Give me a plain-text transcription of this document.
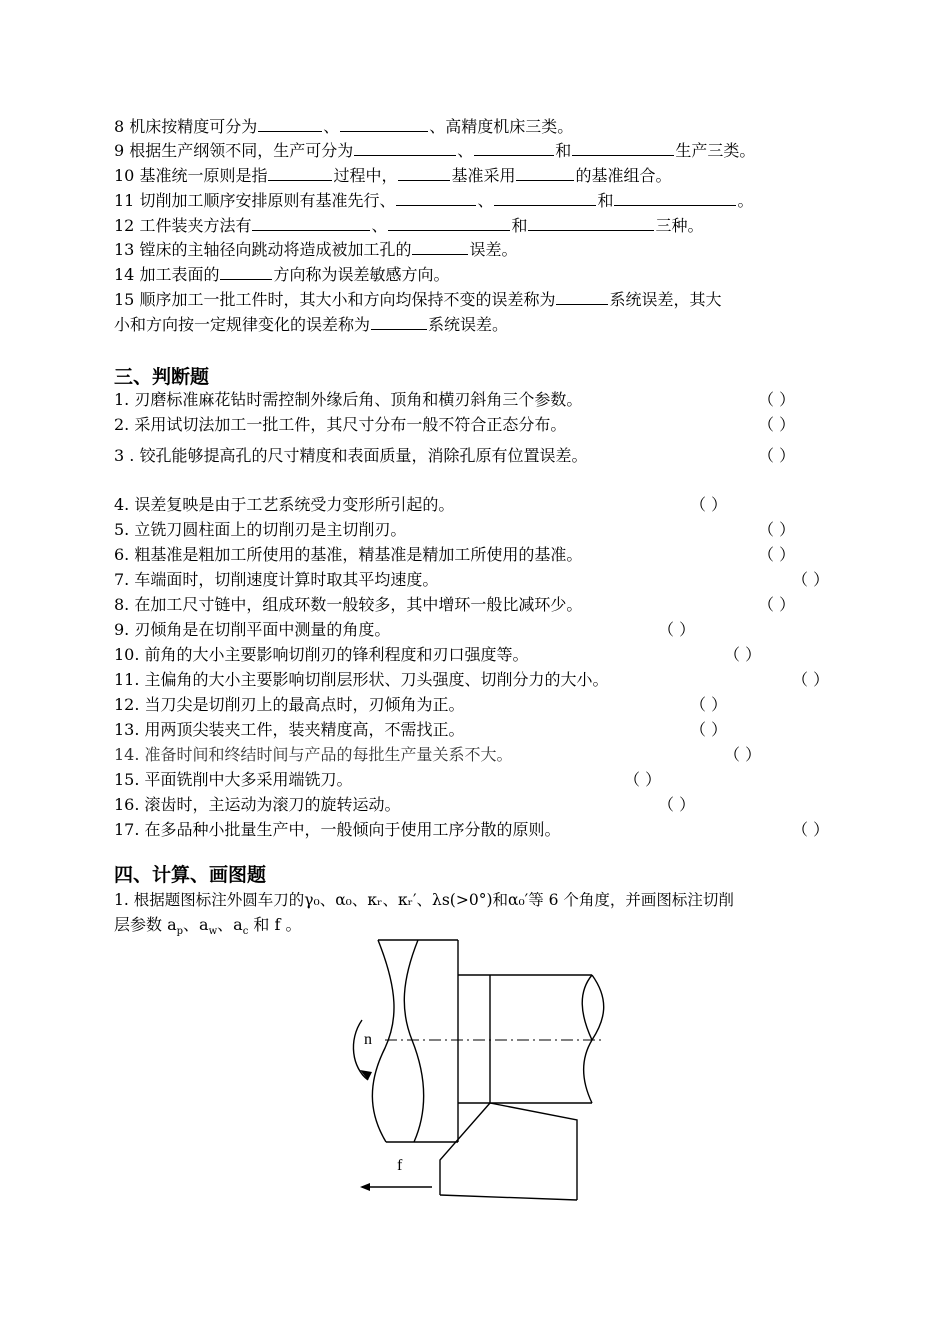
8 机床按精度可分为	、	、高精度机床三类。
9 根据生产纲领不同，生产可分为	、	和	生产三类。
10 基准统一原则是指	过程中，	基准采用	的基准组合。
11 切削加工顺序安排原则有基准先行、	、	和	。
12 工件装夹方法有	、	和	三种。
13 镗床的主轴径向跳动将造成被加工孔的	误差。
14 加工表面的	方向称为误差敏感方向。
15 顺序加工一批工件时，其大小和方向均保持不变的误差称为	系统误差，其大
小和方向按一定规律变化的误差称为	系统误差。
三、判断题
1. 刃磨标准麻花钻时需控制外缘后角、顶角和横刃斜角三个参数。	（ ）
2. 采用试切法加工一批工件，其尺寸分布一般不符合正态分布。	（ ）
3 . 铰孔能够提高孔的尺寸精度和表面质量，消除孔原有位置误差。	（ ）
4. 误差复映是由于工艺系统受力变形所引起的。	（ ）
5. 立铣刀圆柱面上的切削刃是主切削刃。	（ ）
6. 粗基准是粗加工所使用的基准，精基准是精加工所使用的基准。	（ ）
7. 车端面时，切削速度计算时取其平均速度。	（ ）
8. 在加工尺寸链中，组成环数一般较多，其中增环一般比减环少。	（ ）
9. 刃倾角是在切削平面中测量的角度。	（ ）
10. 前角的大小主要影响切削刃的锋利程度和刃口强度等。	（ ）
11. 主偏角的大小主要影响切削层形状、刀头强度、切削分力的大小。	（ ）
12. 当刀尖是切削刃上的最高点时，刃倾角为正。	（ ）
13. 用两顶尖装夹工件，装夹精度高，不需找正。	（ ）
14. 准备时间和终结时间与产品的每批生产量关系不大。	（ ）
15. 平面铣削中大多采用端铣刀。	（ ）
16. 滚齿时，主运动为滚刀的旋转运动。	（ ）
17. 在多品种小批量生产中，一般倾向于使用工序分散的原则。	（ ）
四、计算、画图题
1. 根据题图标注外圆车刀的γ₀、α₀、κᵣ、κᵣ′、λs(>0°)和α₀′等 6 个角度，并画图标注切削
层参数 $a_p$、$a_w$、$a_c$ 和 f 。
n
f
